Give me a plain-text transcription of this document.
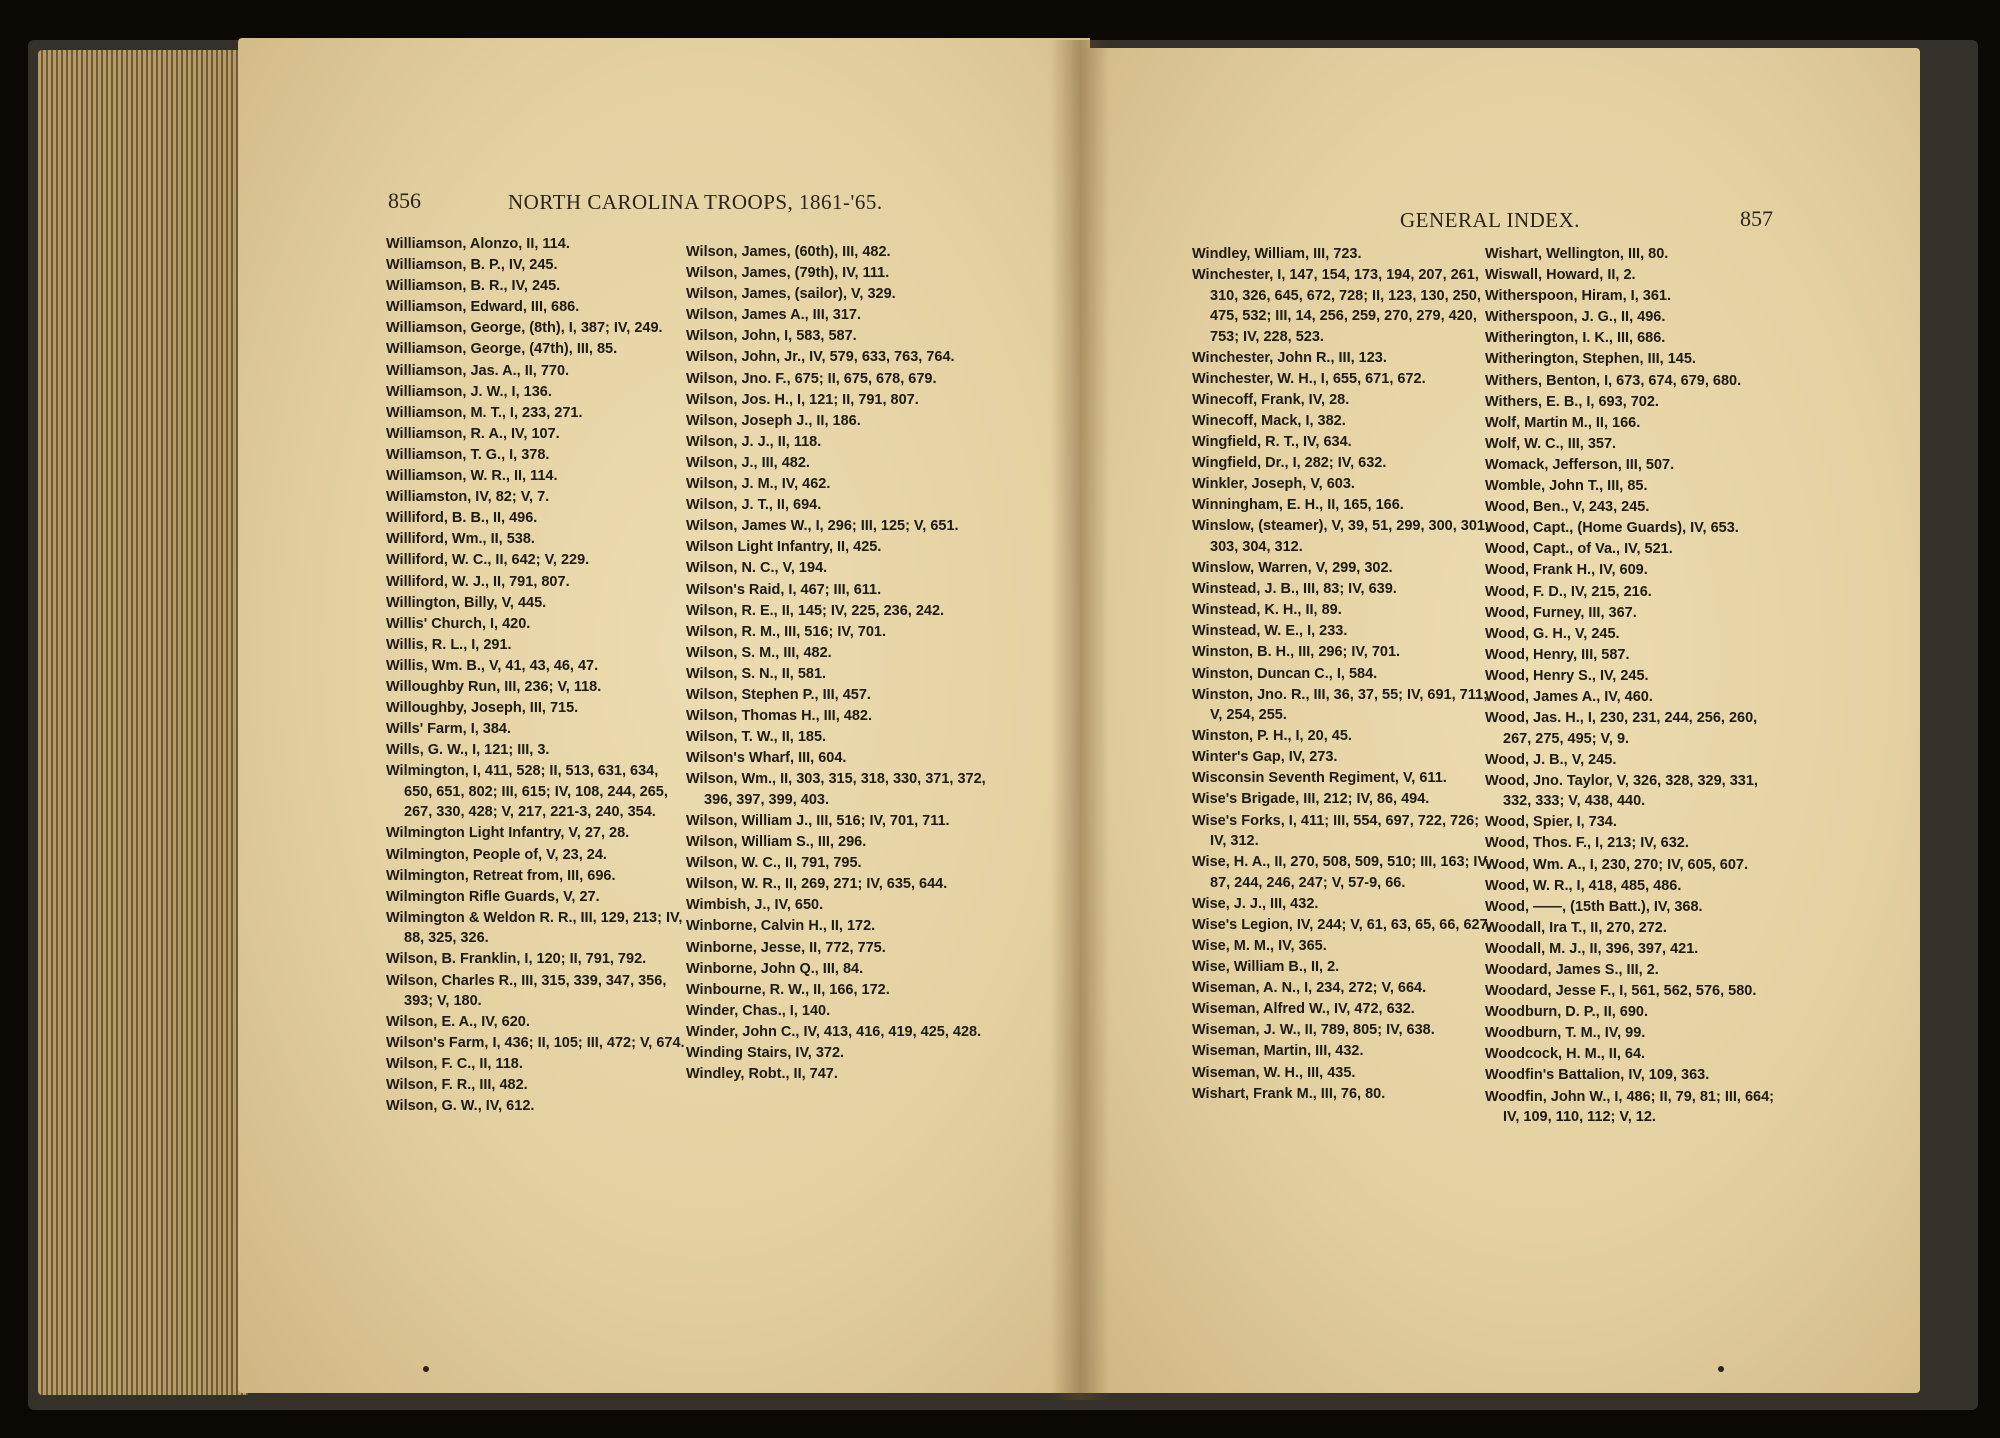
856	NORTH CAROLINA TROOPS, 1861-'65.
Williamson, Alonzo, II, 114.
Williamson, B. P., IV, 245.
Williamson, B. R., IV, 245.
Williamson, Edward, III, 686.
Williamson, George, (8th), I, 387; IV, 249.
Williamson, George, (47th), III, 85.
Williamson, Jas. A., II, 770.
Williamson, J. W., I, 136.
Williamson, M. T., I, 233, 271.
Williamson, R. A., IV, 107.
Williamson, T. G., I, 378.
Williamson, W. R., II, 114.
Williamston, IV, 82; V, 7.
Williford, B. B., II, 496.
Williford, Wm., II, 538.
Williford, W. C., II, 642; V, 229.
Williford, W. J., II, 791, 807.
Willington, Billy, V, 445.
Willis' Church, I, 420.
Willis, R. L., I, 291.
Willis, Wm. B., V, 41, 43, 46, 47.
Willoughby Run, III, 236; V, 118.
Willoughby, Joseph, III, 715.
Wills' Farm, I, 384.
Wills, G. W., I, 121; III, 3.
Wilmington, I, 411, 528; II, 513, 631, 634, 650, 651, 802; III, 615; IV, 108, 244, 265, 267, 330, 428; V, 217, 221-3, 240, 354.
Wilmington Light Infantry, V, 27, 28.
Wilmington, People of, V, 23, 24.
Wilmington, Retreat from, III, 696.
Wilmington Rifle Guards, V, 27.
Wilmington & Weldon R. R., III, 129, 213; IV, 88, 325, 326.
Wilson, B. Franklin, I, 120; II, 791, 792.
Wilson, Charles R., III, 315, 339, 347, 356, 393; V, 180.
Wilson, E. A., IV, 620.
Wilson's Farm, I, 436; II, 105; III, 472; V, 674.
Wilson, F. C., II, 118.
Wilson, F. R., III, 482.
Wilson, G. W., IV, 612.
Wilson, James, (60th), III, 482.
Wilson, James, (79th), IV, 111.
Wilson, James, (sailor), V, 329.
Wilson, James A., III, 317.
Wilson, John, I, 583, 587.
Wilson, John, Jr., IV, 579, 633, 763, 764.
Wilson, Jno. F., 675; II, 675, 678, 679.
Wilson, Jos. H., I, 121; II, 791, 807.
Wilson, Joseph J., II, 186.
Wilson, J. J., II, 118.
Wilson, J., III, 482.
Wilson, J. M., IV, 462.
Wilson, J. T., II, 694.
Wilson, James W., I, 296; III, 125; V, 651.
Wilson Light Infantry, II, 425.
Wilson, N. C., V, 194.
Wilson's Raid, I, 467; III, 611.
Wilson, R. E., II, 145; IV, 225, 236, 242.
Wilson, R. M., III, 516; IV, 701.
Wilson, S. M., III, 482.
Wilson, S. N., II, 581.
Wilson, Stephen P., III, 457.
Wilson, Thomas H., III, 482.
Wilson, T. W., II, 185.
Wilson's Wharf, III, 604.
Wilson, Wm., II, 303, 315, 318, 330, 371, 372, 396, 397, 399, 403.
Wilson, William J., III, 516; IV, 701, 711.
Wilson, William S., III, 296.
Wilson, W. C., II, 791, 795.
Wilson, W. R., II, 269, 271; IV, 635, 644.
Wimbish, J., IV, 650.
Winborne, Calvin H., II, 172.
Winborne, Jesse, II, 772, 775.
Winborne, John Q., III, 84.
Winbourne, R. W., II, 166, 172.
Winder, Chas., I, 140.
Winder, John C., IV, 413, 416, 419, 425, 428.
Winding Stairs, IV, 372.
Windley, Robt., II, 747.
857
GENERAL INDEX.
Windley, William, III, 723.
Winchester, I, 147, 154, 173, 194, 207, 261, 310, 326, 645, 672, 728; II, 123, 130, 250, 475, 532; III, 14, 256, 259, 270, 279, 420, 753; IV, 228, 523.
Winchester, John R., III, 123.
Winchester, W. H., I, 655, 671, 672.
Winecoff, Frank, IV, 28.
Winecoff, Mack, I, 382.
Wingfield, R. T., IV, 634.
Wingfield, Dr., I, 282; IV, 632.
Winkler, Joseph, V, 603.
Winningham, E. H., II, 165, 166.
Winslow, (steamer), V, 39, 51, 299, 300, 301, 303, 304, 312.
Winslow, Warren, V, 299, 302.
Winstead, J. B., III, 83; IV, 639.
Winstead, K. H., II, 89.
Winstead, W. E., I, 233.
Winston, B. H., III, 296; IV, 701.
Winston, Duncan C., I, 584.
Winston, Jno. R., III, 36, 37, 55; IV, 691, 711; V, 254, 255.
Winston, P. H., I, 20, 45.
Winter's Gap, IV, 273.
Wisconsin Seventh Regiment, V, 611.
Wise's Brigade, III, 212; IV, 86, 494.
Wise's Forks, I, 411; III, 554, 697, 722, 726; IV, 312.
Wise, H. A., II, 270, 508, 509, 510; III, 163; IV, 87, 244, 246, 247; V, 57-9, 66.
Wise, J. J., III, 432.
Wise's Legion, IV, 244; V, 61, 63, 65, 66, 627.
Wise, M. M., IV, 365.
Wise, William B., II, 2.
Wiseman, A. N., I, 234, 272; V, 664.
Wiseman, Alfred W., IV, 472, 632.
Wiseman, J. W., II, 789, 805; IV, 638.
Wiseman, Martin, III, 432.
Wiseman, W. H., III, 435.
Wishart, Frank M., III, 76, 80.
Wishart, Wellington, III, 80.
Wiswall, Howard, II, 2.
Witherspoon, Hiram, I, 361.
Witherspoon, J. G., II, 496.
Witherington, I. K., III, 686.
Witherington, Stephen, III, 145.
Withers, Benton, I, 673, 674, 679, 680.
Withers, E. B., I, 693, 702.
Wolf, Martin M., II, 166.
Wolf, W. C., III, 357.
Womack, Jefferson, III, 507.
Womble, John T., III, 85.
Wood, Ben., V, 243, 245.
Wood, Capt., (Home Guards), IV, 653.
Wood, Capt., of Va., IV, 521.
Wood, Frank H., IV, 609.
Wood, F. D., IV, 215, 216.
Wood, Furney, III, 367.
Wood, G. H., V, 245.
Wood, Henry, III, 587.
Wood, Henry S., IV, 245.
Wood, James A., IV, 460.
Wood, Jas. H., I, 230, 231, 244, 256, 260, 267, 275, 495; V, 9.
Wood, J. B., V, 245.
Wood, Jno. Taylor, V, 326, 328, 329, 331, 332, 333; V, 438, 440.
Wood, Spier, I, 734.
Wood, Thos. F., I, 213; IV, 632.
Wood, Wm. A., I, 230, 270; IV, 605, 607.
Wood, W. R., I, 418, 485, 486.
Wood, ——, (15th Batt.), IV, 368.
Woodall, Ira T., II, 270, 272.
Woodall, M. J., II, 396, 397, 421.
Woodard, James S., III, 2.
Woodard, Jesse F., I, 561, 562, 576, 580.
Woodburn, D. P., II, 690.
Woodburn, T. M., IV, 99.
Woodcock, H. M., II, 64.
Woodfin's Battalion, IV, 109, 363.
Woodfin, John W., I, 486; II, 79, 81; III, 664; IV, 109, 110, 112; V, 12.
